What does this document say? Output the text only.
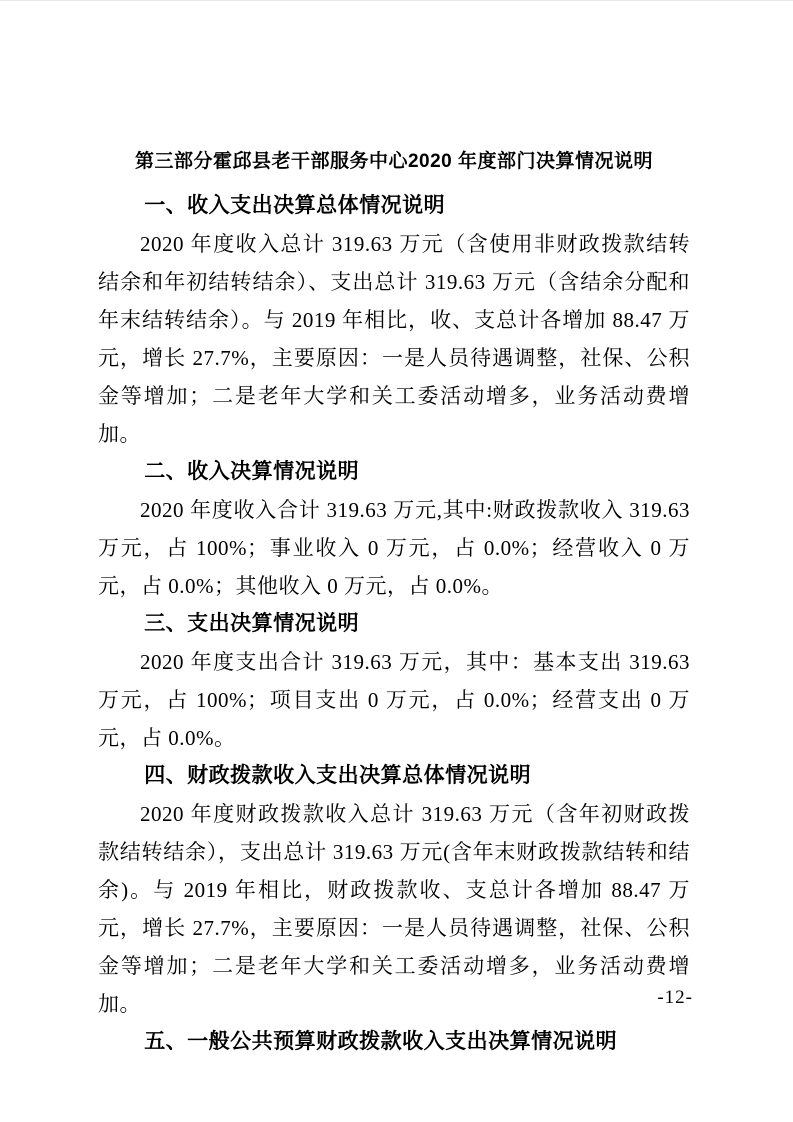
第三部分霍邱县老干部服务中心2020 年度部门决算情况说明
一、收入支出决算总体情况说明

2020 年度收入总计 319.63 万元（含使用非财政拨款结转结余和年初结转结余）、支出总计 319.63 万元（含结余分配和年末结转结余）。与 2019 年相比，收、支总计各增加 88.47 万元，增长 27.7%，主要原因：一是人员待遇调整，社保、公积金等增加；二是老年大学和关工委活动增多，业务活动费增加。

二、收入决算情况说明

2020 年度收入合计 319.63 万元,其中:财政拨款收入 319.63 万元，占 100%；事业收入 0 万元，占 0.0%；经营收入 0 万元，占 0.0%；其他收入 0 万元，占 0.0%。

三、支出决算情况说明

2020 年度支出合计 319.63 万元，其中：基本支出 319.63 万元，占 100%；项目支出 0 万元，占 0.0%；经营支出 0 万元，占 0.0%。

四、财政拨款收入支出决算总体情况说明

2020 年度财政拨款收入总计 319.63 万元（含年初财政拨款结转结余），支出总计 319.63 万元(含年末财政拨款结转和结余)。与 2019 年相比，财政拨款收、支总计各增加 88.47 万元，增长 27.7%，主要原因：一是人员待遇调整，社保、公积金等增加；二是老年大学和关工委活动增多，业务活动费增加。

五、一般公共预算财政拨款收入支出决算情况说明
-12-
